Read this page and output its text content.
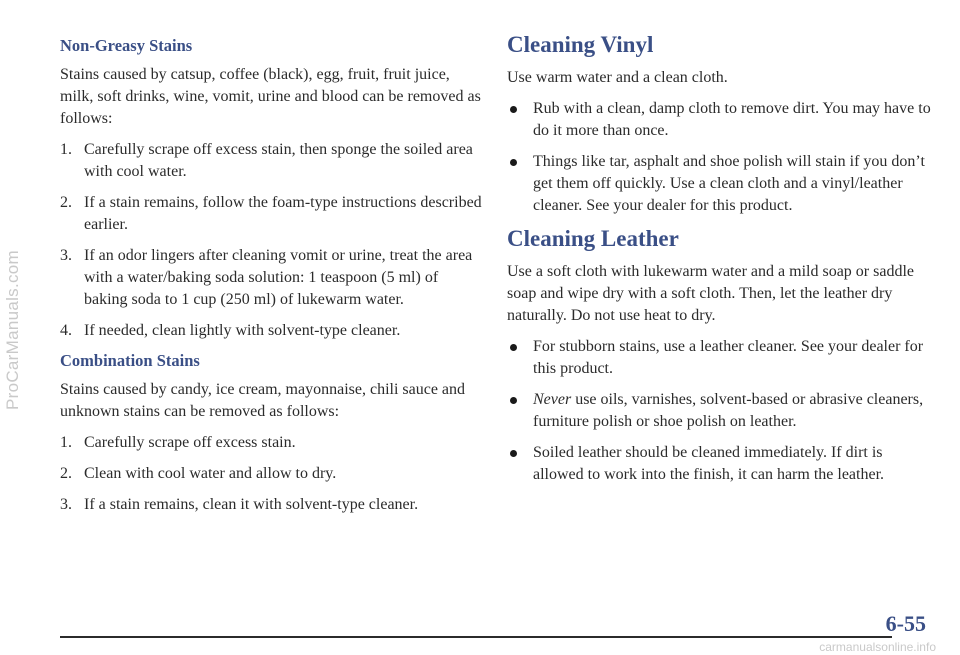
ProCarManuals.com
Non-Greasy Stains

Stains caused by catsup, coffee (black), egg, fruit, fruit juice, milk, soft drinks, wine, vomit, urine and blood can be removed as follows:

1. Carefully scrape off excess stain, then sponge the soiled area with cool water.
2. If a stain remains, follow the foam-type instructions described earlier.
3. If an odor lingers after cleaning vomit or urine, treat the area with a water/baking soda solution: 1 teaspoon (5 ml) of baking soda to 1 cup (250 ml) of lukewarm water.
4. If needed, clean lightly with solvent-type cleaner.
Combination Stains

Stains caused by candy, ice cream, mayonnaise, chili sauce and unknown stains can be removed as follows:

1. Carefully scrape off excess stain.
2. Clean with cool water and allow to dry.
3. If a stain remains, clean it with solvent-type cleaner.
Cleaning Vinyl

Use warm water and a clean cloth.

Rub with a clean, damp cloth to remove dirt. You may have to do it more than once.
Things like tar, asphalt and shoe polish will stain if you don’t get them off quickly. Use a clean cloth and a vinyl/leather cleaner. See your dealer for this product.
Cleaning Leather

Use a soft cloth with lukewarm water and a mild soap or saddle soap and wipe dry with a soft cloth. Then, let the leather dry naturally. Do not use heat to dry.

For stubborn stains, use a leather cleaner. See your dealer for this product.
Never use oils, varnishes, solvent-based or abrasive cleaners, furniture polish or shoe polish on leather.
Soiled leather should be cleaned immediately. If dirt is allowed to work into the finish, it can harm the leather.
6-55
carmanualsonline.info
